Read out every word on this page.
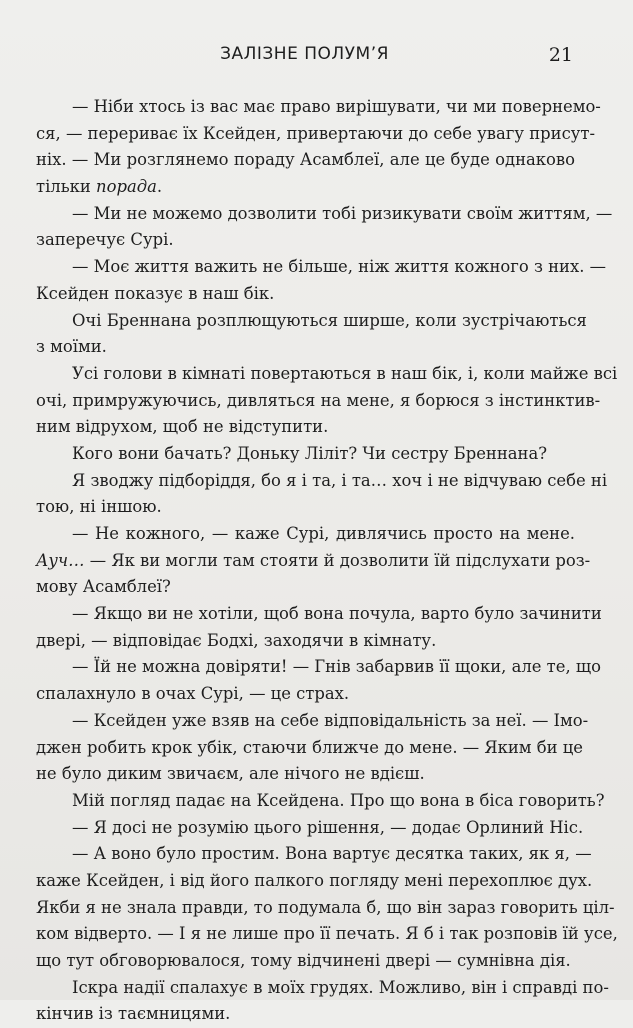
ЗАЛІЗНЕ ПОЛУМ’Я	21
— Ніби хтось із вас має право вирішувати, чи ми повернемо-
ся, — перериває їх Ксейден, привертаючи до себе увагу присут-
ніх. — Ми розглянемо пораду Асамблеї, але це буде однаково
тільки порада.
— Ми не можемо дозволити тобі ризикувати своїм життям, —
заперечує Сурі.
— Моє життя важить не більше, ніж життя кожного з них. —
Ксейден показує в наш бік.
Очі Бреннана розплющуються ширше, коли зустрічаються
з моїми.
Усі голови в кімнаті повертаються в наш бік, і, коли майже всі
очі, примружуючись, дивляться на мене, я борюся з інстинктив-
ним відрухом, щоб не відступити.
Кого вони бачать? Доньку Ліліт? Чи сестру Бреннана?
Я зводжу підборіддя, бо я і та, і та… хоч і не відчуваю себе ні
тою, ні іншою.
— Не кожного, — каже Сурі, дивлячись просто на мене.
Ауч… — Як ви могли там стояти й дозволити їй підслухати роз-
мову Асамблеї?
— Якщо ви не хотіли, щоб вона почула, варто було зачинити
двері, — відповідає Бодхі, заходячи в кімнату.
— Їй не можна довіряти! — Гнів забарвив її щоки, але те, що
спалахнуло в очах Сурі, — це страх.
— Ксейден уже взяв на себе відповідальність за неї. — Імо-
джен робить крок убік, стаючи ближче до мене. — Яким би це
не було диким звичаєм, але нічого не вдієш.
Мій погляд падає на Ксейдена. Про що вона в біса говорить?
— Я досі не розумію цього рішення, — додає Орлиний Ніс.
— А воно було простим. Вона вартує десятка таких, як я, —
каже Ксейден, і від його палкого погляду мені перехоплює дух.
Якби я не знала правди, то подумала б, що він зараз говорить ціл-
ком відверто. — І я не лише про її печать. Я б і так розповів їй усе,
що тут обговорювалося, тому відчинені двері — сумнівна дія.
Іскра надії спалахує в моїх грудях. Можливо, він і справді по-
кінчив із таємницями.
